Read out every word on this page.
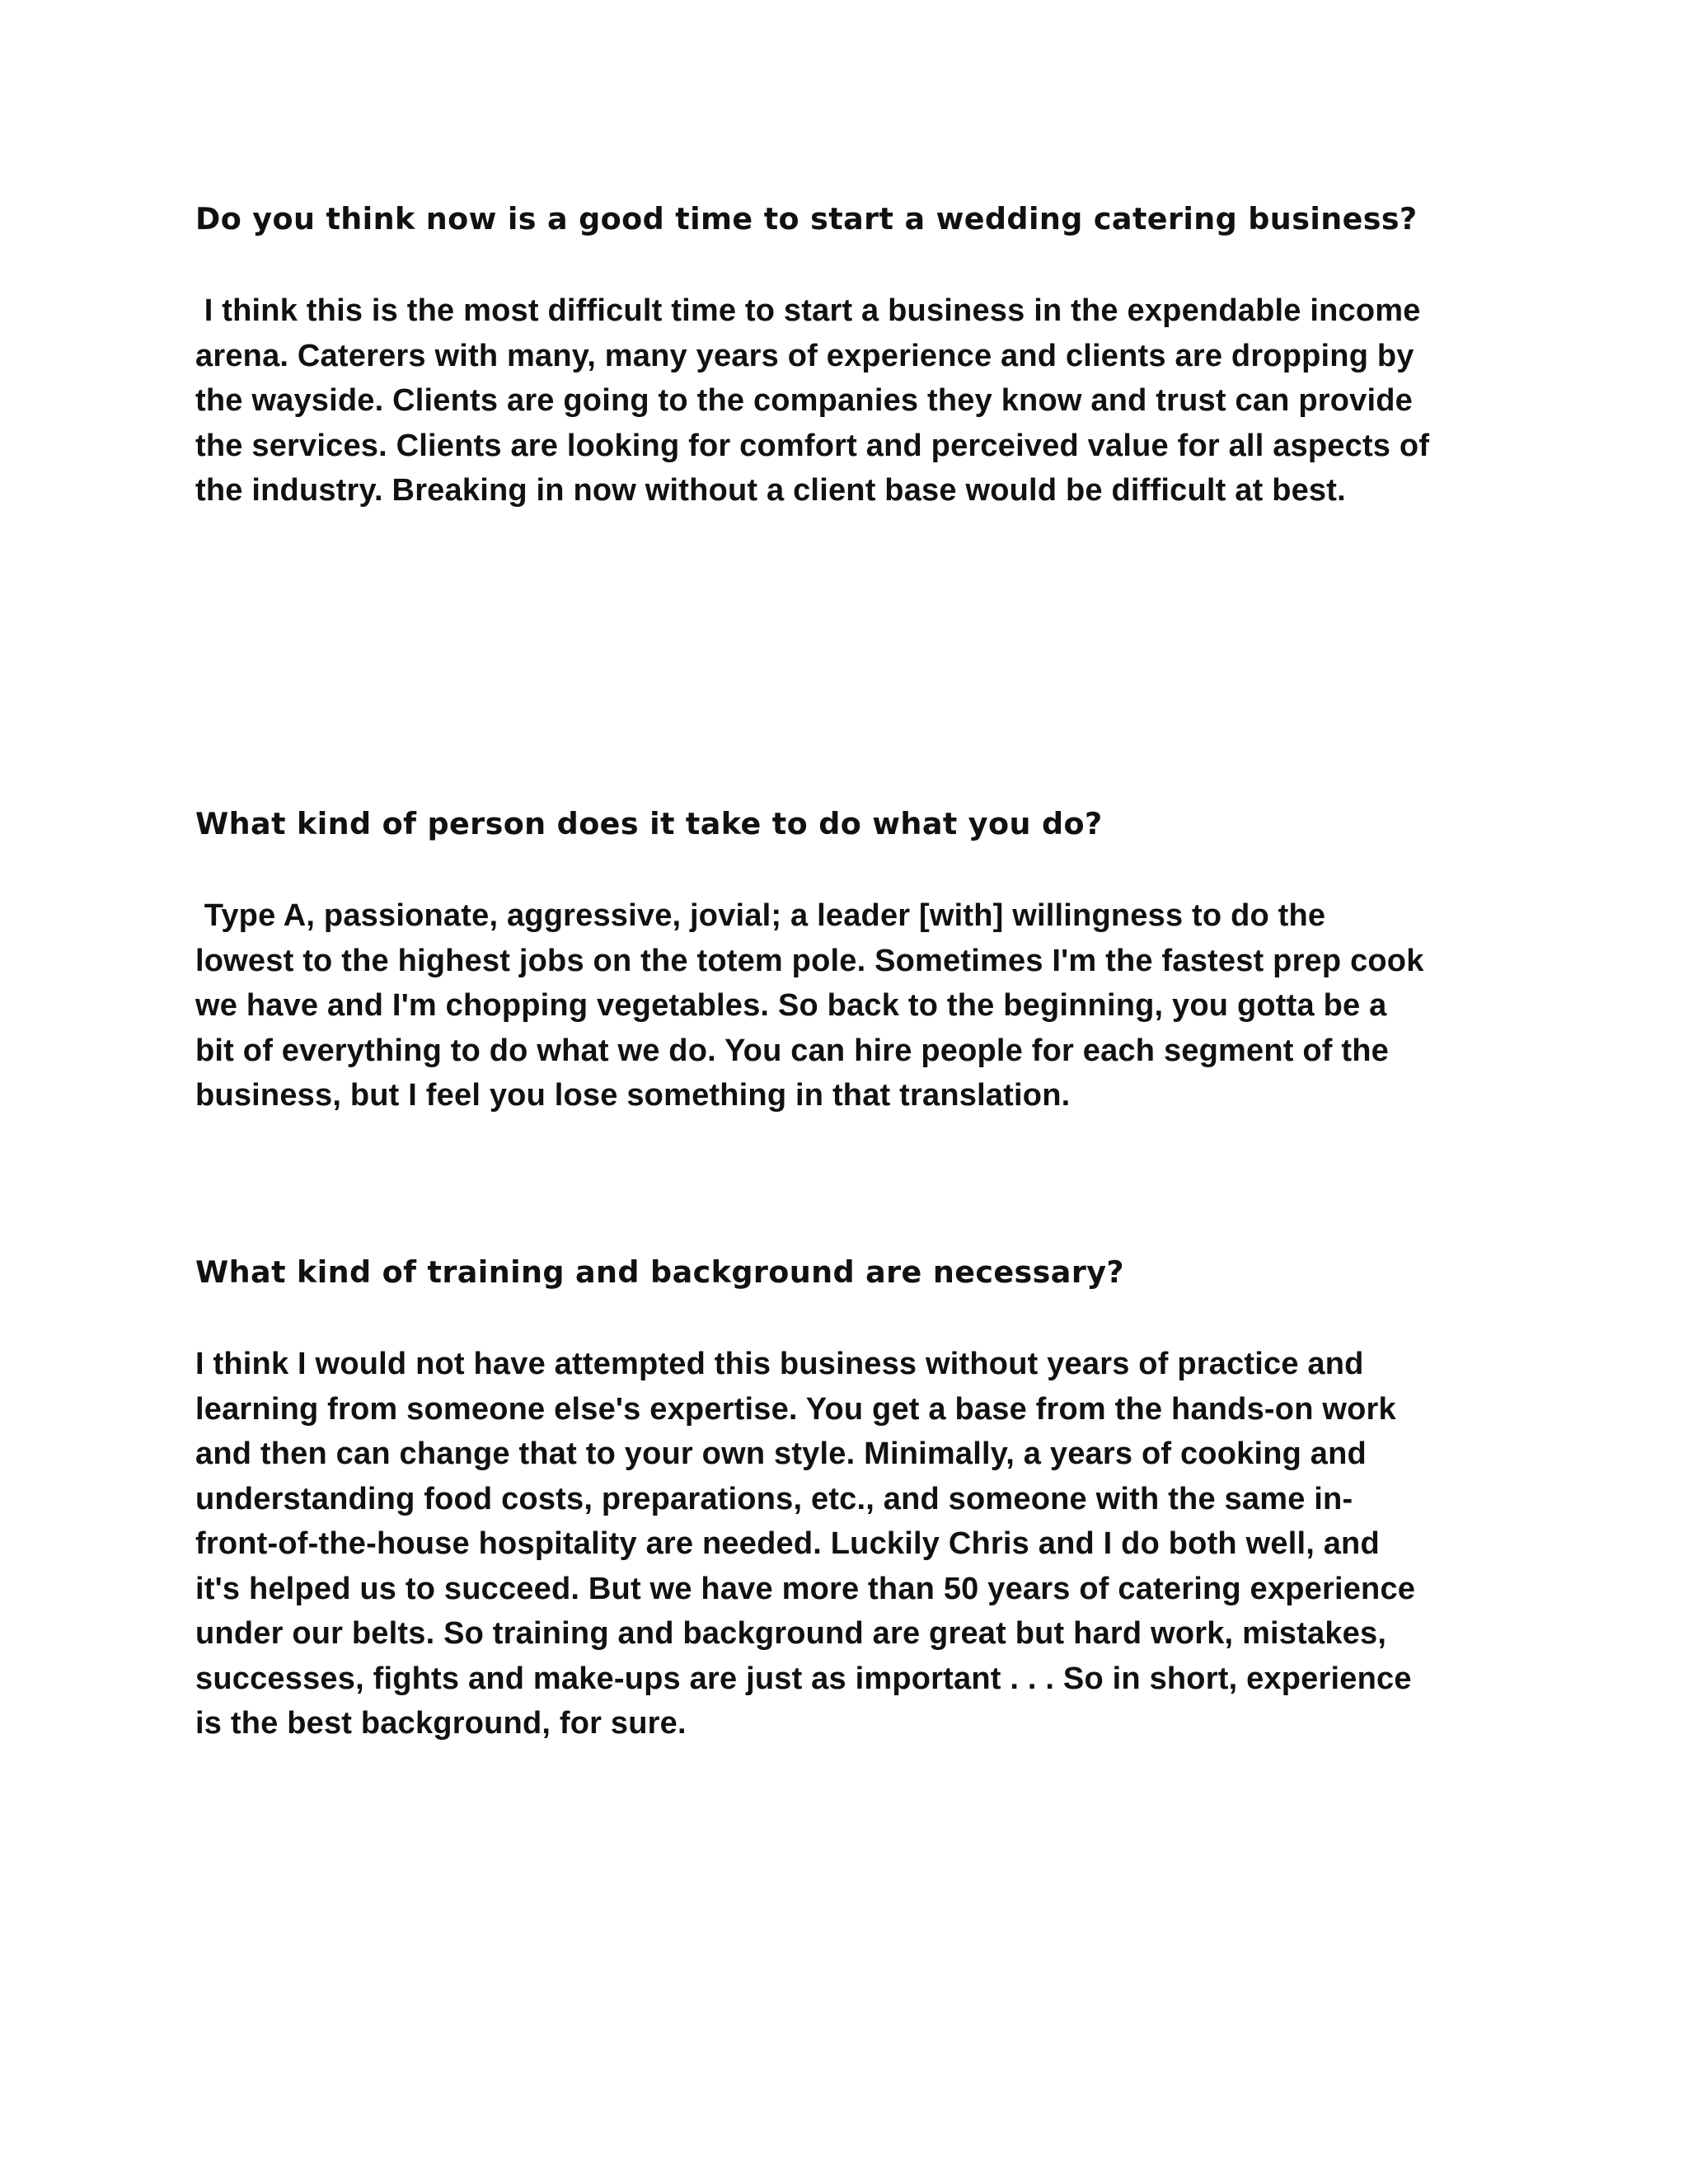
Do you think now is a good time to start a wedding catering business?

I think this is the most difficult time to start a business in the expendable income
arena. Caterers with many, many years of experience and clients are dropping by
the wayside. Clients are going to the companies they know and trust can provide
the services. Clients are looking for comfort and perceived value for all aspects of
the industry. Breaking in now without a client base would be difficult at best.

What kind of person does it take to do what you do?

Type A, passionate, aggressive, jovial; a leader [with] willingness to do the
lowest to the highest jobs on the totem pole. Sometimes I'm the fastest prep cook
we have and I'm chopping vegetables. So back to the beginning, you gotta be a
bit of everything to do what we do. You can hire people for each segment of the
business, but I feel you lose something in that translation.

What kind of training and background are necessary?

I think I would not have attempted this business without years of practice and
learning from someone else's expertise. You get a base from the hands-on work
and then can change that to your own style. Minimally, a years of cooking and
understanding food costs, preparations, etc., and someone with the same in-
front-of-the-house hospitality are needed. Luckily Chris and I do both well, and
it's helped us to succeed. But we have more than 50 years of catering experience
under our belts. So training and background are great but hard work, mistakes,
successes, fights and make-ups are just as important . . . So in short, experience
is the best background, for sure.
